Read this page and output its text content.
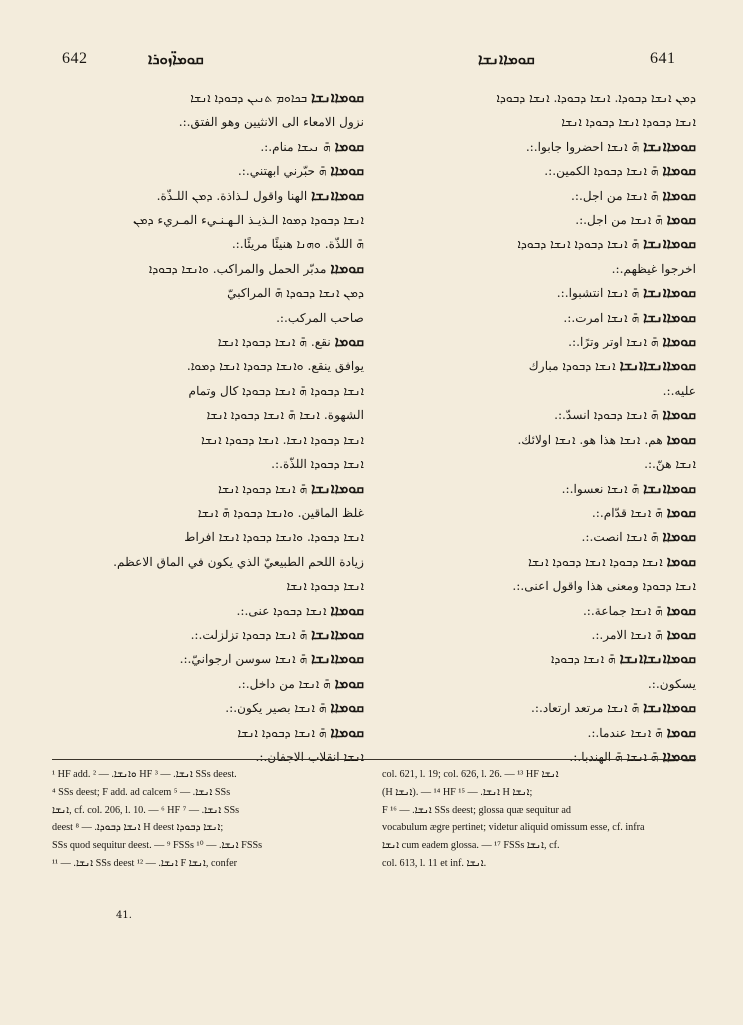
642	ܩܘܡܐ̈ܙܘܪܐ	ܩܘܡܐܐܢܫܐ	641
ܩܘܡܐܐܢܫܐ ܒܟܐܘܡ ܬܢܝܢ ܕܒܘܕܐ ܐܢܫܐ
نزول الامعاء الى الانثيين وهو الفتق.:.
ܩܘܡܐ ܗ̄ ܢܝܫܐ منام.:.
ܩܘܡܐܐ ܗ̄ حبّرني ابهتني.:.
ܩܘܡܐܐܢܫܐ الهنا واقول لـذاذة. ܕܡܢ اللـذّة.
ܐܢܫܐ ܕܒܘܕܐ ܕܡܘܐ الـذيـذ الـهـنـيء المـريء ܕܡܢ
ܗ̄ اللذّة. ܘܗܢܐ هنيئًا مريئًا.:.
ܩܘܡܐܐ مدبّر الحمل والمراكب. ܘܐܢܫܐ ܕܒܘܕܐ
ܕܡܢ ܐܢܫܐ ܕܒܘܕܐ ܗ̄ المراكبيّ
صاحب المركب.:.
ܩܘܡܐ نقع. ܗ̄ ܐܢܫܐ ܕܒܘܕܐ ܐܢܫܐ
يوافق ينقع. ܘܐܢܫܐ ܕܒܘܕܐ ܐܢܫܐ ܕܡܘܐ.
ܐܢܫܐ ܕܒܘܕܐ ܗ̄ ܐܢܫܐ ܕܒܘܕܐ كال وتمام
الشهوة. ܐܢܫܐ ܗ̄ ܐܢܫܐ ܕܒܘܕܐ ܐܢܫܐ
ܐܢܫܐ ܕܒܘܕܐ ܐܢܫܐ. ܐܢܫܐ ܕܒܘܕܐ ܐܢܫܐ
ܐܢܫܐ ܕܒܘܕܐ اللذّة.:.
ܩܘܡܐܐܢܫܐ ܗ̄ ܐܢܫܐ ܕܒܘܕܐ ܐܢܫܐ
غلظ الماقين. ܘܐܢܫܐ ܕܒܘܕܐ ܗ̄ ܐܢܫܐ
ܐܢܫܐ ܕܒܘܕܐ. ܘܐܢܫܐ ܕܒܘܕܐ ܐܢܫܐ افراط
زيادة اللحم الطبيعيّ الذي يكون في الماق الاعظم.
ܐܢܫܐ ܕܒܘܕܐ ܐܢܫܐ
ܩܘܡܐܐ ܐܢܫܐ ܕܒܘܕܐ عنى.:.
ܩܘܡܐܐܢܫܐ ܗ̄ ܐܢܫܐ ܕܒܘܕܐ تزلزلت.:.
ܩܘܡܐܐܢܫܐ ܗ̄ ܐܢܫܐ سوسن ارجوانيّ.:.
ܩܘܡܐ ܗ̄ ܐܢܫܐ من داخل.:.
ܩܘܡܐܐ ܗ̄ ܐܢܫܐ بصير يكون.:.
ܩܘܡܐܐ ܗ̄ ܐܢܫܐ ܕܒܘܕܐ ܐܢܫܐ
ܐܢܫܐ انقلاب الاجفان.:.
ܕܡܢ ܐܢܫܐ ܕܒܘܕܐ. ܐܢܫܐ ܕܒܘܕܐ. ܐܢܫܐ ܕܒܘܕܐ
ܐܢܫܐ ܕܒܘܕܐ ܐܢܫܐ ܕܒܘܕܐ ܐܢܫܐ
ܩܘܡܐܐܢܫܐ ܗ̄ ܐܢܫܐ احضروا جابوا.:.
ܩܘܡܐܐ ܗ̄ ܐܢܫܐ ܕܒܘܕܐ الكمين.:.
ܩܘܡܐܐ ܗ̄ ܐܢܫܐ من اجل.:.
ܩܘܡܐ ܗ̄ ܐܢܫܐ من اجل.:.
ܩܘܡܐܐܢܫܐ ܗ̄ ܐܢܫܐ ܕܒܘܕܐ ܐܢܫܐ ܕܒܘܕܐ
اخرجوا غيظهم.:.
ܩܘܡܐܐܢܫܐ ܗ̄ ܐܢܫܐ انتشبوا.:.
ܩܘܡܐܐܢܫܐ ܗ̄ ܐܢܫܐ امرت.:.
ܩܘܡܐܐ ܗ̄ ܐܢܫܐ اوتر وترًا.:.
ܩܘܡܐܐܢܫܐܐܢܫܐ ܐܢܫܐ ܕܒܘܕܐ مبارك
عليه.:.
ܩܘܡܐܐ ܗ̄ ܐܢܫܐ ܕܒܘܕܐ انسدّ.:.
ܩܘܡܐ هم. ܐܢܫܐ هذا هو. ܐܢܫܐ اولائك.
ܐܢܫܐ هنّ.:.
ܩܘܡܐܐܢܫܐ ܗ̄ ܐܢܫܐ نعسوا.:.
ܩܘܡܐ ܗ̄ ܐܢܫܐ قدّام.:.
ܩܘܡܐܐ ܗ̄ ܐܢܫܐ انصت.:.
ܩܘܡܐ ܐܢܫܐ ܕܒܘܕܐ ܐܢܫܐ ܕܒܘܕܐ ܐܢܫܐ
ܐܢܫܐ ܕܒܘܕܐ ومعنى هذا واقول اعنى.:.
ܩܘܡܐ ܗ̄ ܐܢܫܐ جماعة.:.
ܩܘܡܐ ܗ̄ ܐܢܫܐ الامر.:.
ܩܘܡܐܐܢܫܐܐܢܫܐ ܗ̄ ܐܢܫܐ ܕܒܘܕܐ
يسكون.:.
ܩܘܡܐܐܢܫܐ ܗ̄ ܐܢܫܐ مرتعد ارتعاد.:.
ܩܘܡܐ ܗ̄ ܐܢܫܐ عندما.:.
ܩܘܡܐܐ ܗ̄ ܐܢܫܐ ܗ̄ الهندبا.:.
¹ HF add. ܘܐܢܫܐ. — ² HF ܐܢܫܐ. — ³ SSs deest.
⁴ SSs deest; F add. ad calcem ܐܢܫܐ. — ⁵ SSs
ܐܢܫܐ, cf. col. 206, l. 10. — ⁶ HF ܐܢܫܐ. — ⁷ SSs
deest ܐܢܫܐ ܕܒܘܕܐ. — ⁸ H deest ܐܢܫܐ ܕܒܘܕܐ;
SSs quod sequitur deest. — ⁹ FSSs ܐܢܫܐ. — ¹⁰ FSSs
ܐܢܫܐ. — ¹¹ SSs deest ܐܢܫܐ. — ¹² F ܐܢܫܐ, confer
col. 621, l. 19; col. 626, l. 26. — ¹³ HF ܐܢܫܐ
(H ܐܢܫܐ). — ¹⁴ HF ܐܢܫܐ. — ¹⁵ H ܐܢܫܐ;
F ܐܢܫܐ. — ¹⁶ SSs deest; glossa quæ sequitur ad
vocabulum ægre pertinet; videtur aliquid omissum esse, cf. infra
ܐܢܫܐ cum eadem glossa. — ¹⁷ FSSs ܐܢܫܐ, cf.
col. 613, l. 11 et inf. ܐܢܫܐ.
41.
